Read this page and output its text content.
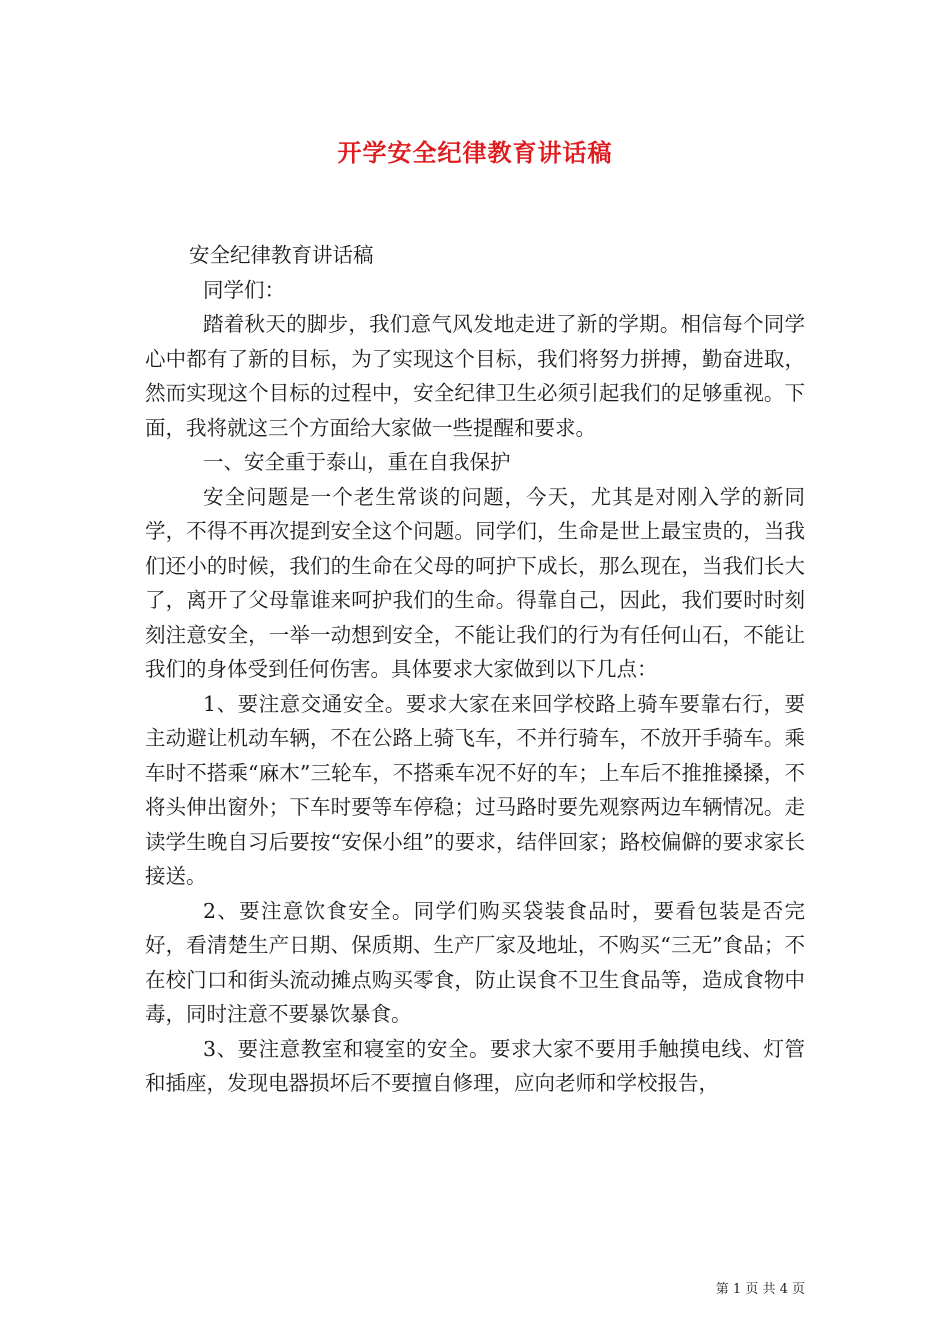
开学安全纪律教育讲话稿

安全纪律教育讲话稿

同学们：

踏着秋天的脚步，我们意气风发地走进了新的学期。相信每个同学心中都有了新的目标，为了实现这个目标，我们将努力拼搏，勤奋进取，然而实现这个目标的过程中，安全纪律卫生必须引起我们的足够重视。下面，我将就这三个方面给大家做一些提醒和要求。

一、安全重于泰山，重在自我保护

安全问题是一个老生常谈的问题，今天，尤其是对刚入学的新同学，不得不再次提到安全这个问题。同学们，生命是世上最宝贵的，当我们还小的时候，我们的生命在父母的呵护下成长，那么现在，当我们长大了，离开了父母靠谁来呵护我们的生命。得靠自己，因此，我们要时时刻刻注意安全，一举一动想到安全，不能让我们的行为有任何山石，不能让我们的身体受到任何伤害。具体要求大家做到以下几点：

1、要注意交通安全。要求大家在来回学校路上骑车要靠右行，要主动避让机动车辆，不在公路上骑飞车，不并行骑车，不放开手骑车。乘车时不搭乘“麻木”三轮车，不搭乘车况不好的车；上车后不推推搡搡，不将头伸出窗外；下车时要等车停稳；过马路时要先观察两边车辆情况。走读学生晚自习后要按“安保小组”的要求，结伴回家；路校偏僻的要求家长接送。

2、要注意饮食安全。同学们购买袋装食品时，要看包装是否完好，看清楚生产日期、保质期、生产厂家及地址，不购买“三无”食品；不在校门口和街头流动摊点购买零食，防止误食不卫生食品等，造成食物中毒，同时注意不要暴饮暴食。

3、要注意教室和寝室的安全。要求大家不要用手触摸电线、灯管和插座，发现电器损坏后不要擅自修理，应向老师和学校报告，

第 1 页 共 4 页
